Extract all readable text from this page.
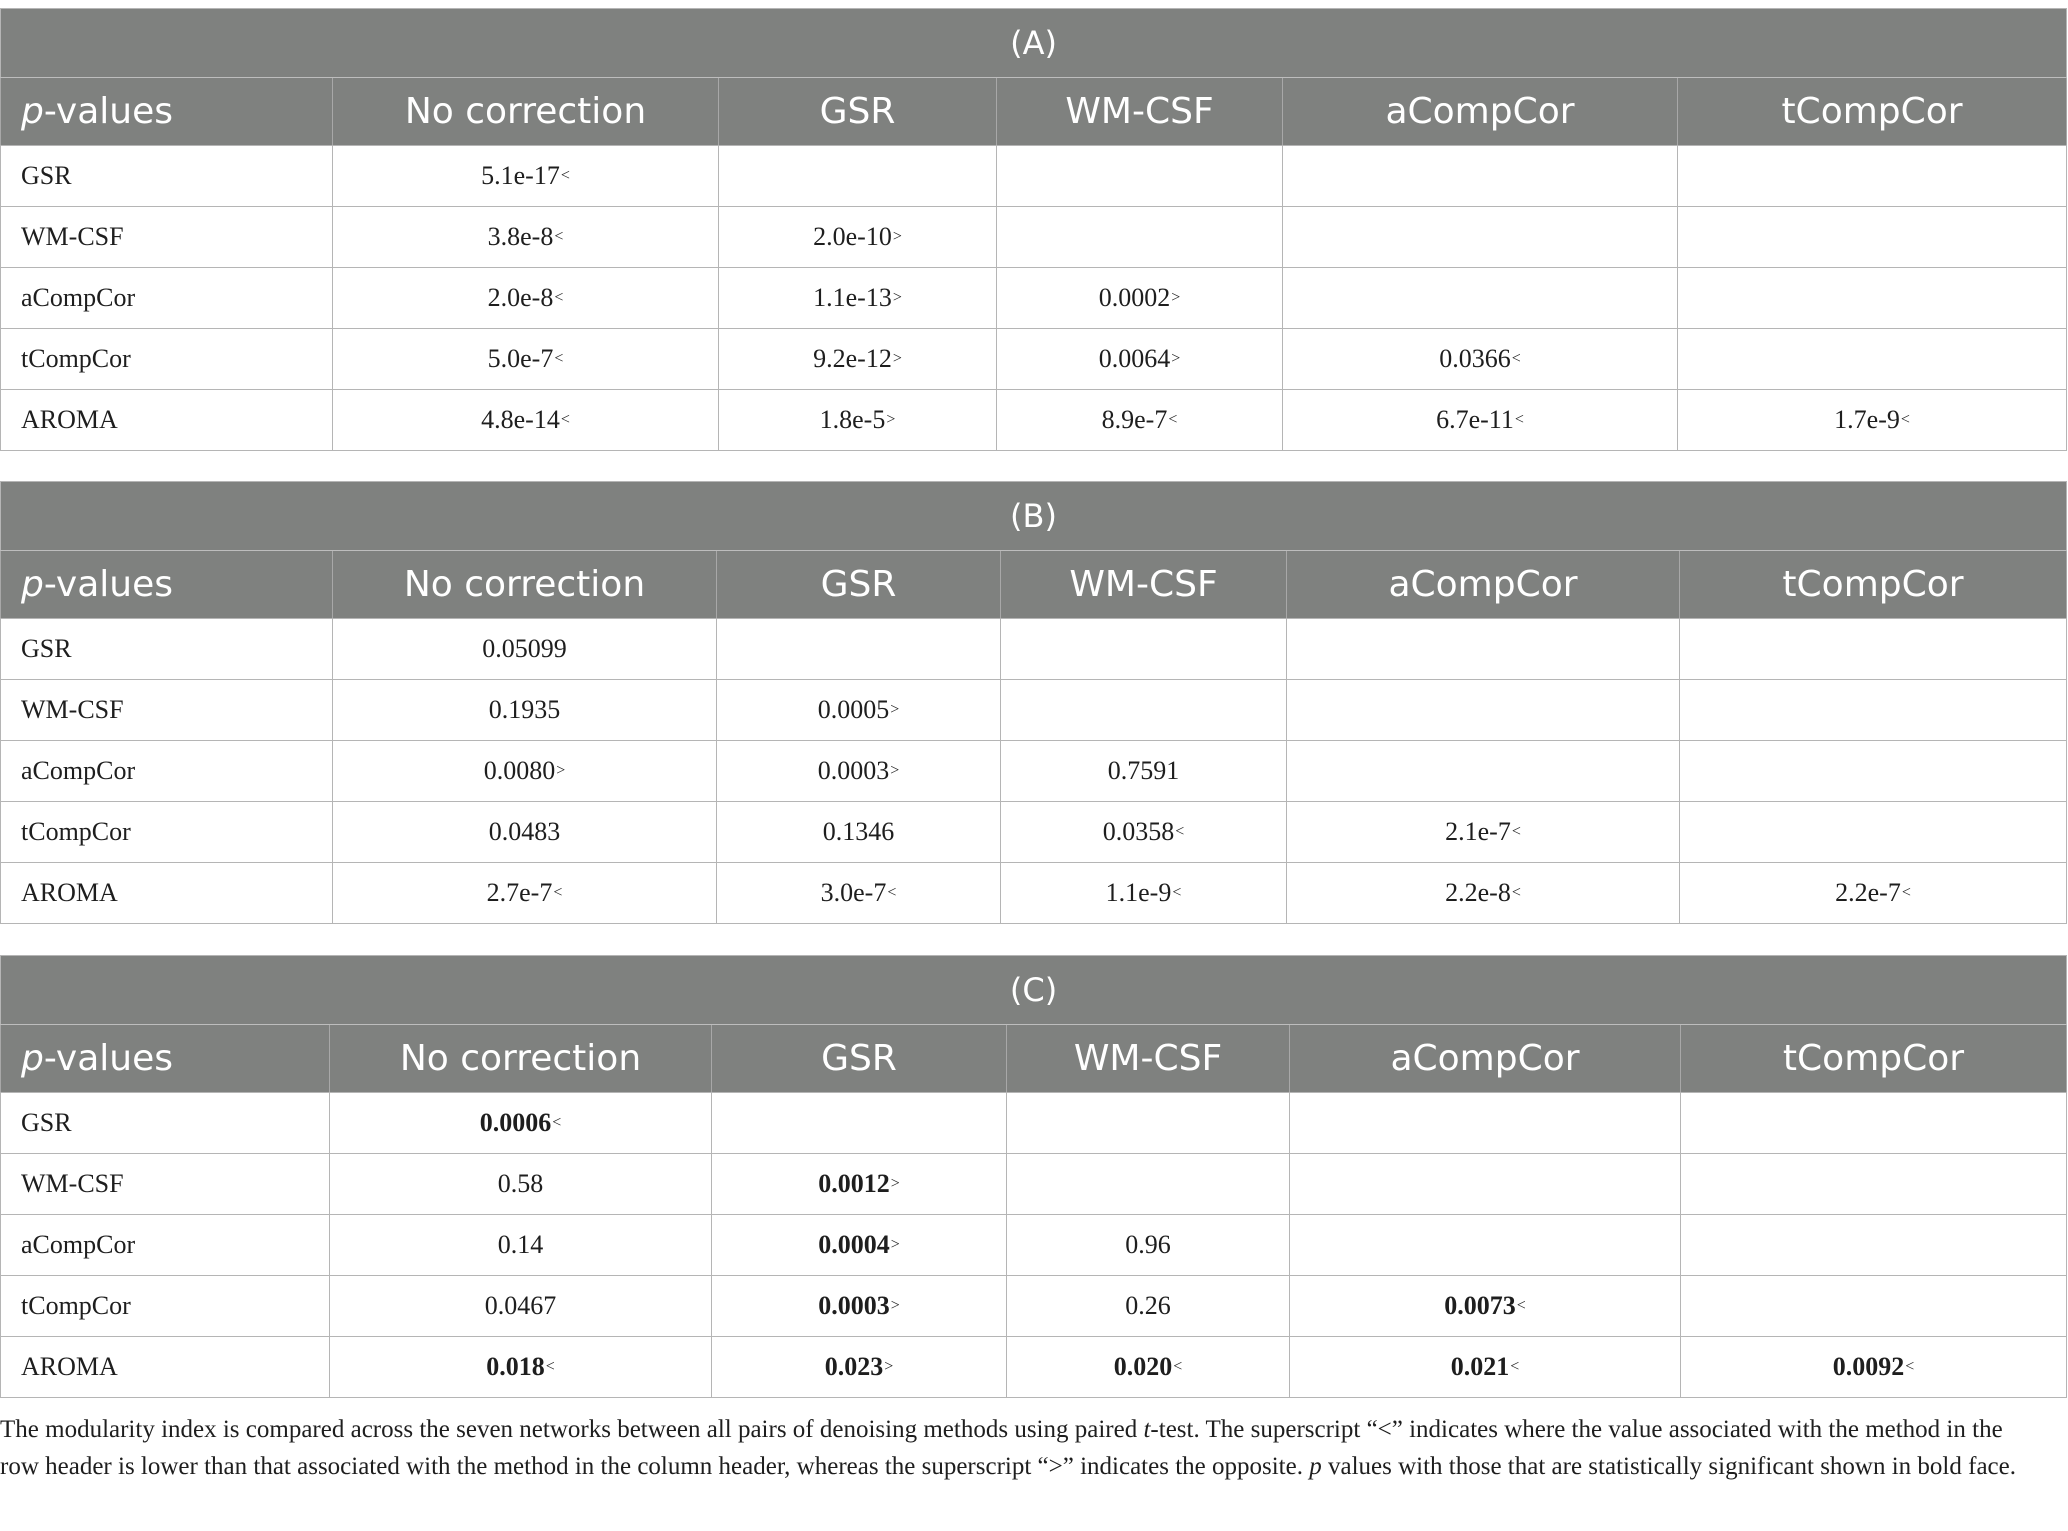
(A)					
p-values	No correction	GSR	WM-CSF	aCompCor	tCompCor
GSR	5.1e-17<				
WM-CSF	3.8e-8<	2.0e-10>			
aCompCor	2.0e-8<	1.1e-13>	0.0002>		
tCompCor	5.0e-7<	9.2e-12>	0.0064>	0.0366<	
AROMA	4.8e-14<	1.8e-5>	8.9e-7<	6.7e-11<	1.7e-9<
(B)					
p-values	No correction	GSR	WM-CSF	aCompCor	tCompCor
GSR	0.05099				
WM-CSF	0.1935	0.0005>			
aCompCor	0.0080>	0.0003>	0.7591		
tCompCor	0.0483	0.1346	0.0358<	2.1e-7<	
AROMA	2.7e-7<	3.0e-7<	1.1e-9<	2.2e-8<	2.2e-7<
(C)					
p-values	No correction	GSR	WM-CSF	aCompCor	tCompCor
GSR	0.0006<				
WM-CSF	0.58	0.0012>			
aCompCor	0.14	0.0004>	0.96		
tCompCor	0.0467	0.0003>	0.26	0.0073<	
AROMA	0.018<	0.023>	0.020<	0.021<	0.0092<
The modularity index is compared across the seven networks between all pairs of denoising methods using paired t-test. The superscript “<” indicates where the value associated with the method in the row header is lower than that associated with the method in the column header, whereas the superscript “>” indicates the opposite. p values with those that are statistically significant shown in bold face.
